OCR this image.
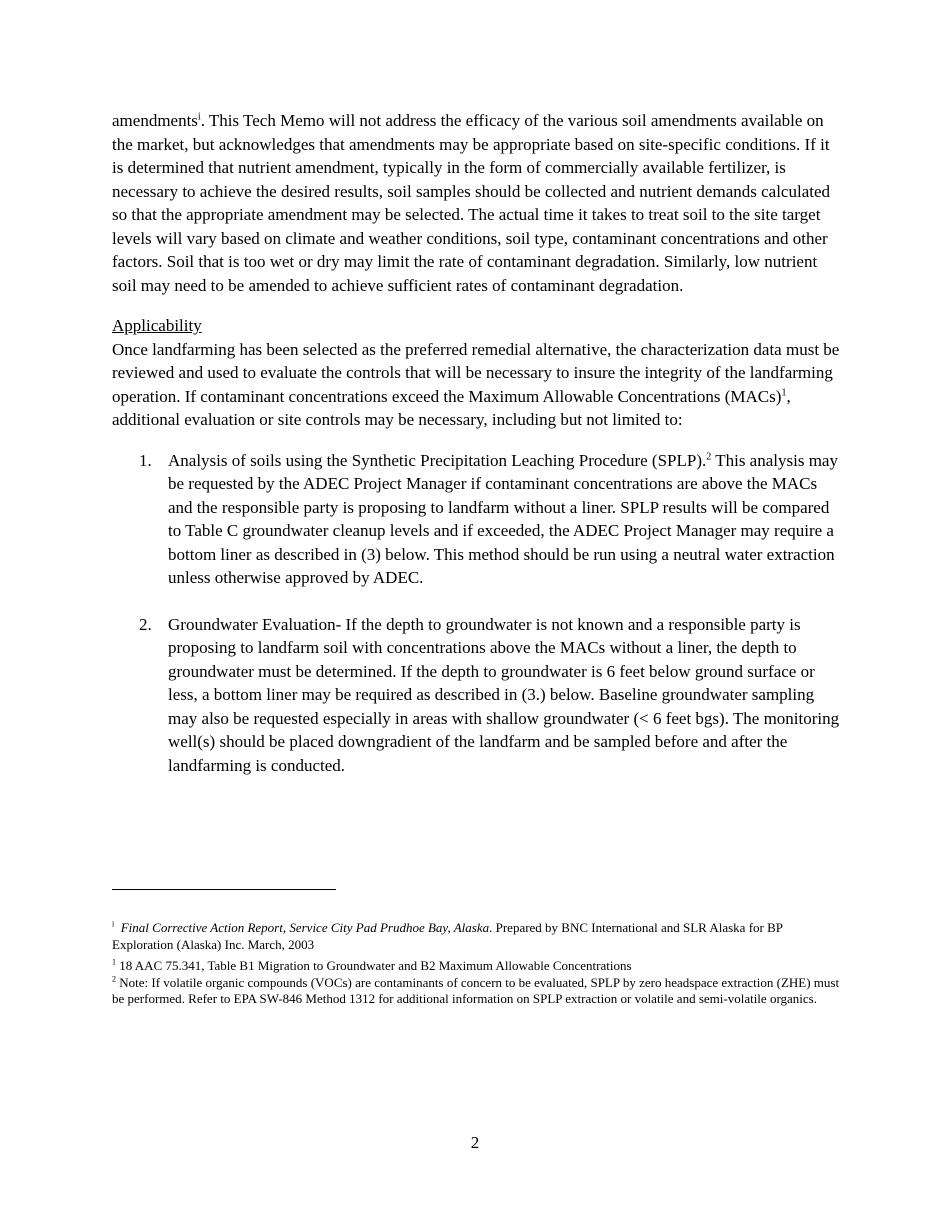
amendments$^i$. This Tech Memo will not address the efficacy of the various soil amendments available on the market, but acknowledges that amendments may be appropriate based on site-specific conditions. If it is determined that nutrient amendment, typically in the form of commercially available fertilizer, is necessary to achieve the desired results, soil samples should be collected and nutrient demands calculated so that the appropriate amendment may be selected. The actual time it takes to treat soil to the site target levels will vary based on climate and weather conditions, soil type, contaminant concentrations and other factors. Soil that is too wet or dry may limit the rate of contaminant degradation. Similarly, low nutrient soil may need to be amended to achieve sufficient rates of contaminant degradation.

Applicability

Once landfarming has been selected as the preferred remedial alternative, the characterization data must be reviewed and used to evaluate the controls that will be necessary to insure the integrity of the landfarming operation. If contaminant concentrations exceed the Maximum Allowable Concentrations (MACs)$^1$, additional evaluation or site controls may be necessary, including but not limited to:

1. Analysis of soils using the Synthetic Precipitation Leaching Procedure (SPLP).$^2$ This analysis may be requested by the ADEC Project Manager if contaminant concentrations are above the MACs and the responsible party is proposing to landfarm without a liner. SPLP results will be compared to Table C groundwater cleanup levels and if exceeded, the ADEC Project Manager may require a bottom liner as described in (3) below. This method should be run using a neutral water extraction unless otherwise approved by ADEC.
2. Groundwater Evaluation- If the depth to groundwater is not known and a responsible party is proposing to landfarm soil with concentrations above the MACs without a liner, the depth to groundwater must be determined. If the depth to groundwater is 6 feet below ground surface or less, a bottom liner may be required as described in (3.) below. Baseline groundwater sampling may also be requested especially in areas with shallow groundwater (< 6 feet bgs). The monitoring well(s) should be placed downgradient of the landfarm and be sampled before and after the landfarming is conducted.

$^i$ Final Corrective Action Report, Service City Pad Prudhoe Bay, Alaska. Prepared by BNC International and SLR Alaska for BP Exploration (Alaska) Inc. March, 2003

$^1$ 18 AAC 75.341, Table B1 Migration to Groundwater and B2 Maximum Allowable Concentrations

$^2$ Note: If volatile organic compounds (VOCs) are contaminants of concern to be evaluated, SPLP by zero headspace extraction (ZHE) must be performed. Refer to EPA SW-846 Method 1312 for additional information on SPLP extraction or volatile and semi-volatile organics.

2
